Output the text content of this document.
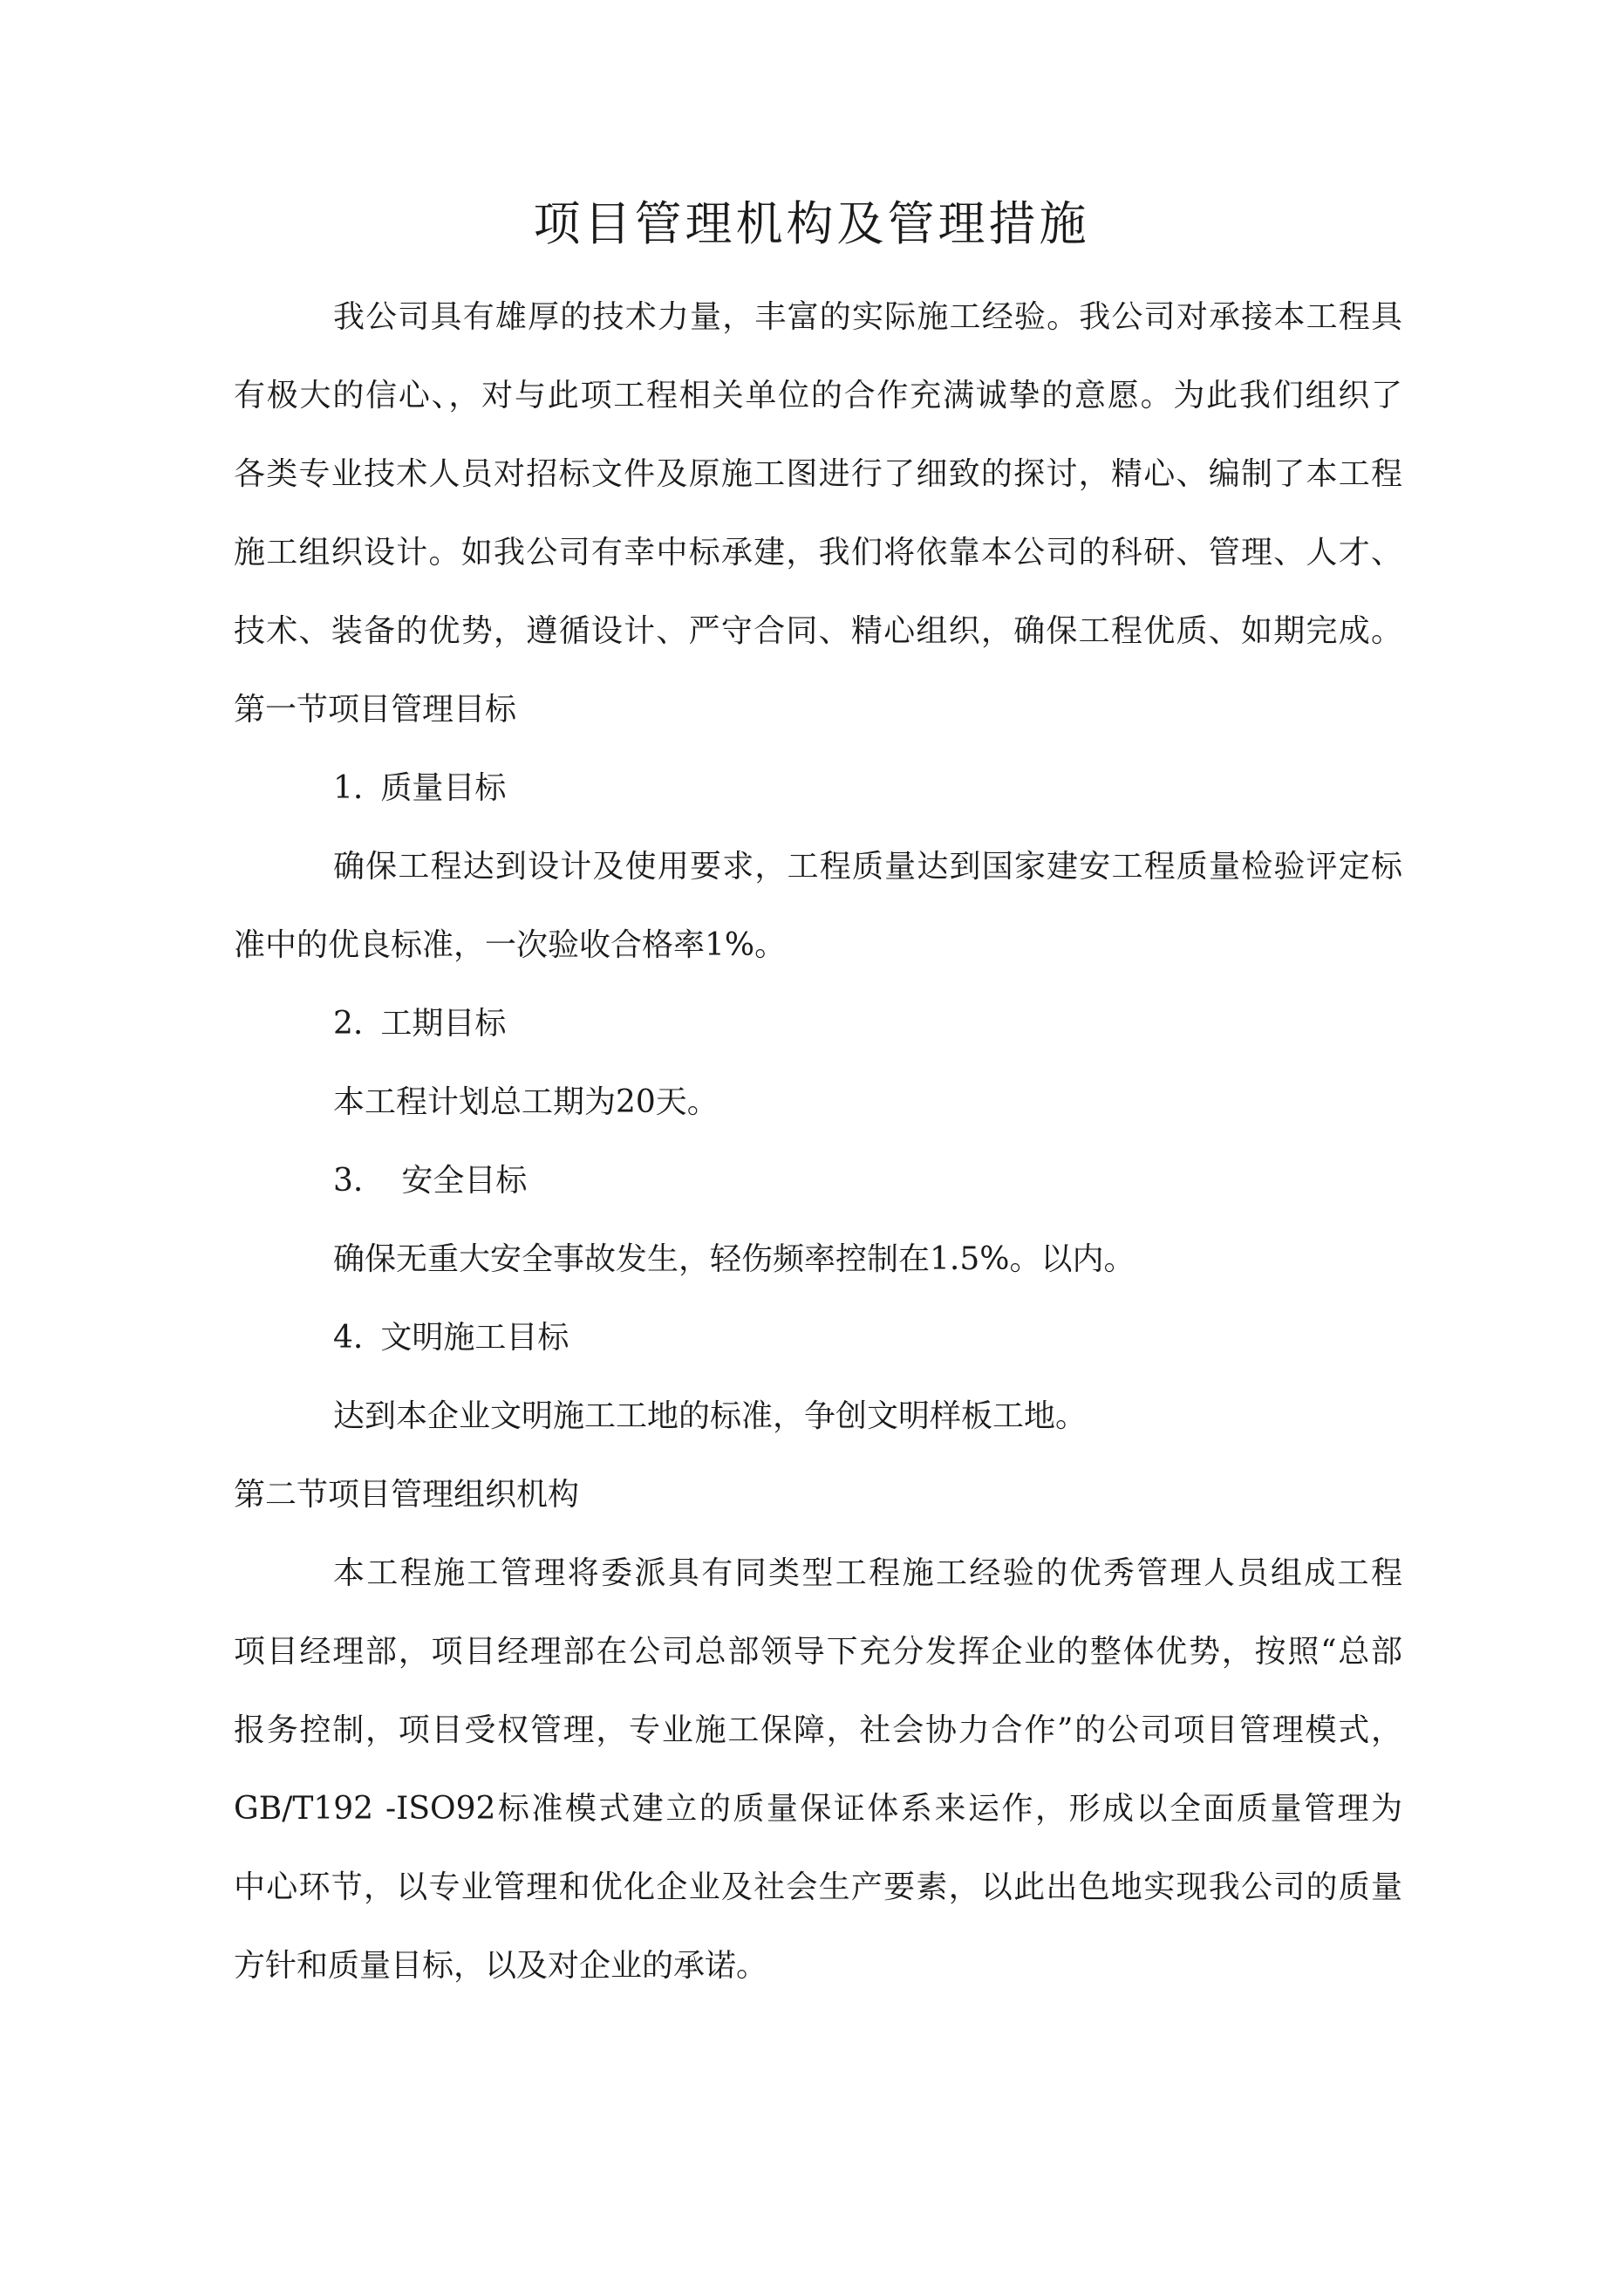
项目管理机构及管理措施

我公司具有雄厚的技术力量，丰富的实际施工经验。我公司对承接本工程具

有极大的信心、，对与此项工程相关单位的合作充满诚挚的意愿。为此我们组织了

各类专业技术人员对招标文件及原施工图进行了细致的探讨，精心、编制了本工程

施工组织设计。如我公司有幸中标承建，我们将依靠本公司的科研、管理、人才、

技术、装备的优势，遵循设计、严守合同、精心组织，确保工程优质、如期完成。

第一节项目管理目标

1. 质量目标

确保工程达到设计及使用要求，工程质量达到国家建安工程质量检验评定标

准中的优良标准，一次验收合格率1%。

2. 工期目标

本工程计划总工期为20天。

3. 安全目标

确保无重大安全事故发生，轻伤频率控制在1.5%。以内。

4. 文明施工目标

达到本企业文明施工工地的标准，争创文明样板工地。

第二节项目管理组织机构

本工程施工管理将委派具有同类型工程施工经验的优秀管理人员组成工程

项目经理部，项目经理部在公司总部领导下充分发挥企业的整体优势，按照“总部

报务控制，项目受权管理，专业施工保障，社会协力合作”的公司项目管理模式，

GB/T192 -ISO92标准模式建立的质量保证体系来运作，形成以全面质量管理为

中心环节，以专业管理和优化企业及社会生产要素，以此出色地实现我公司的质量

方针和质量目标，以及对企业的承诺。
